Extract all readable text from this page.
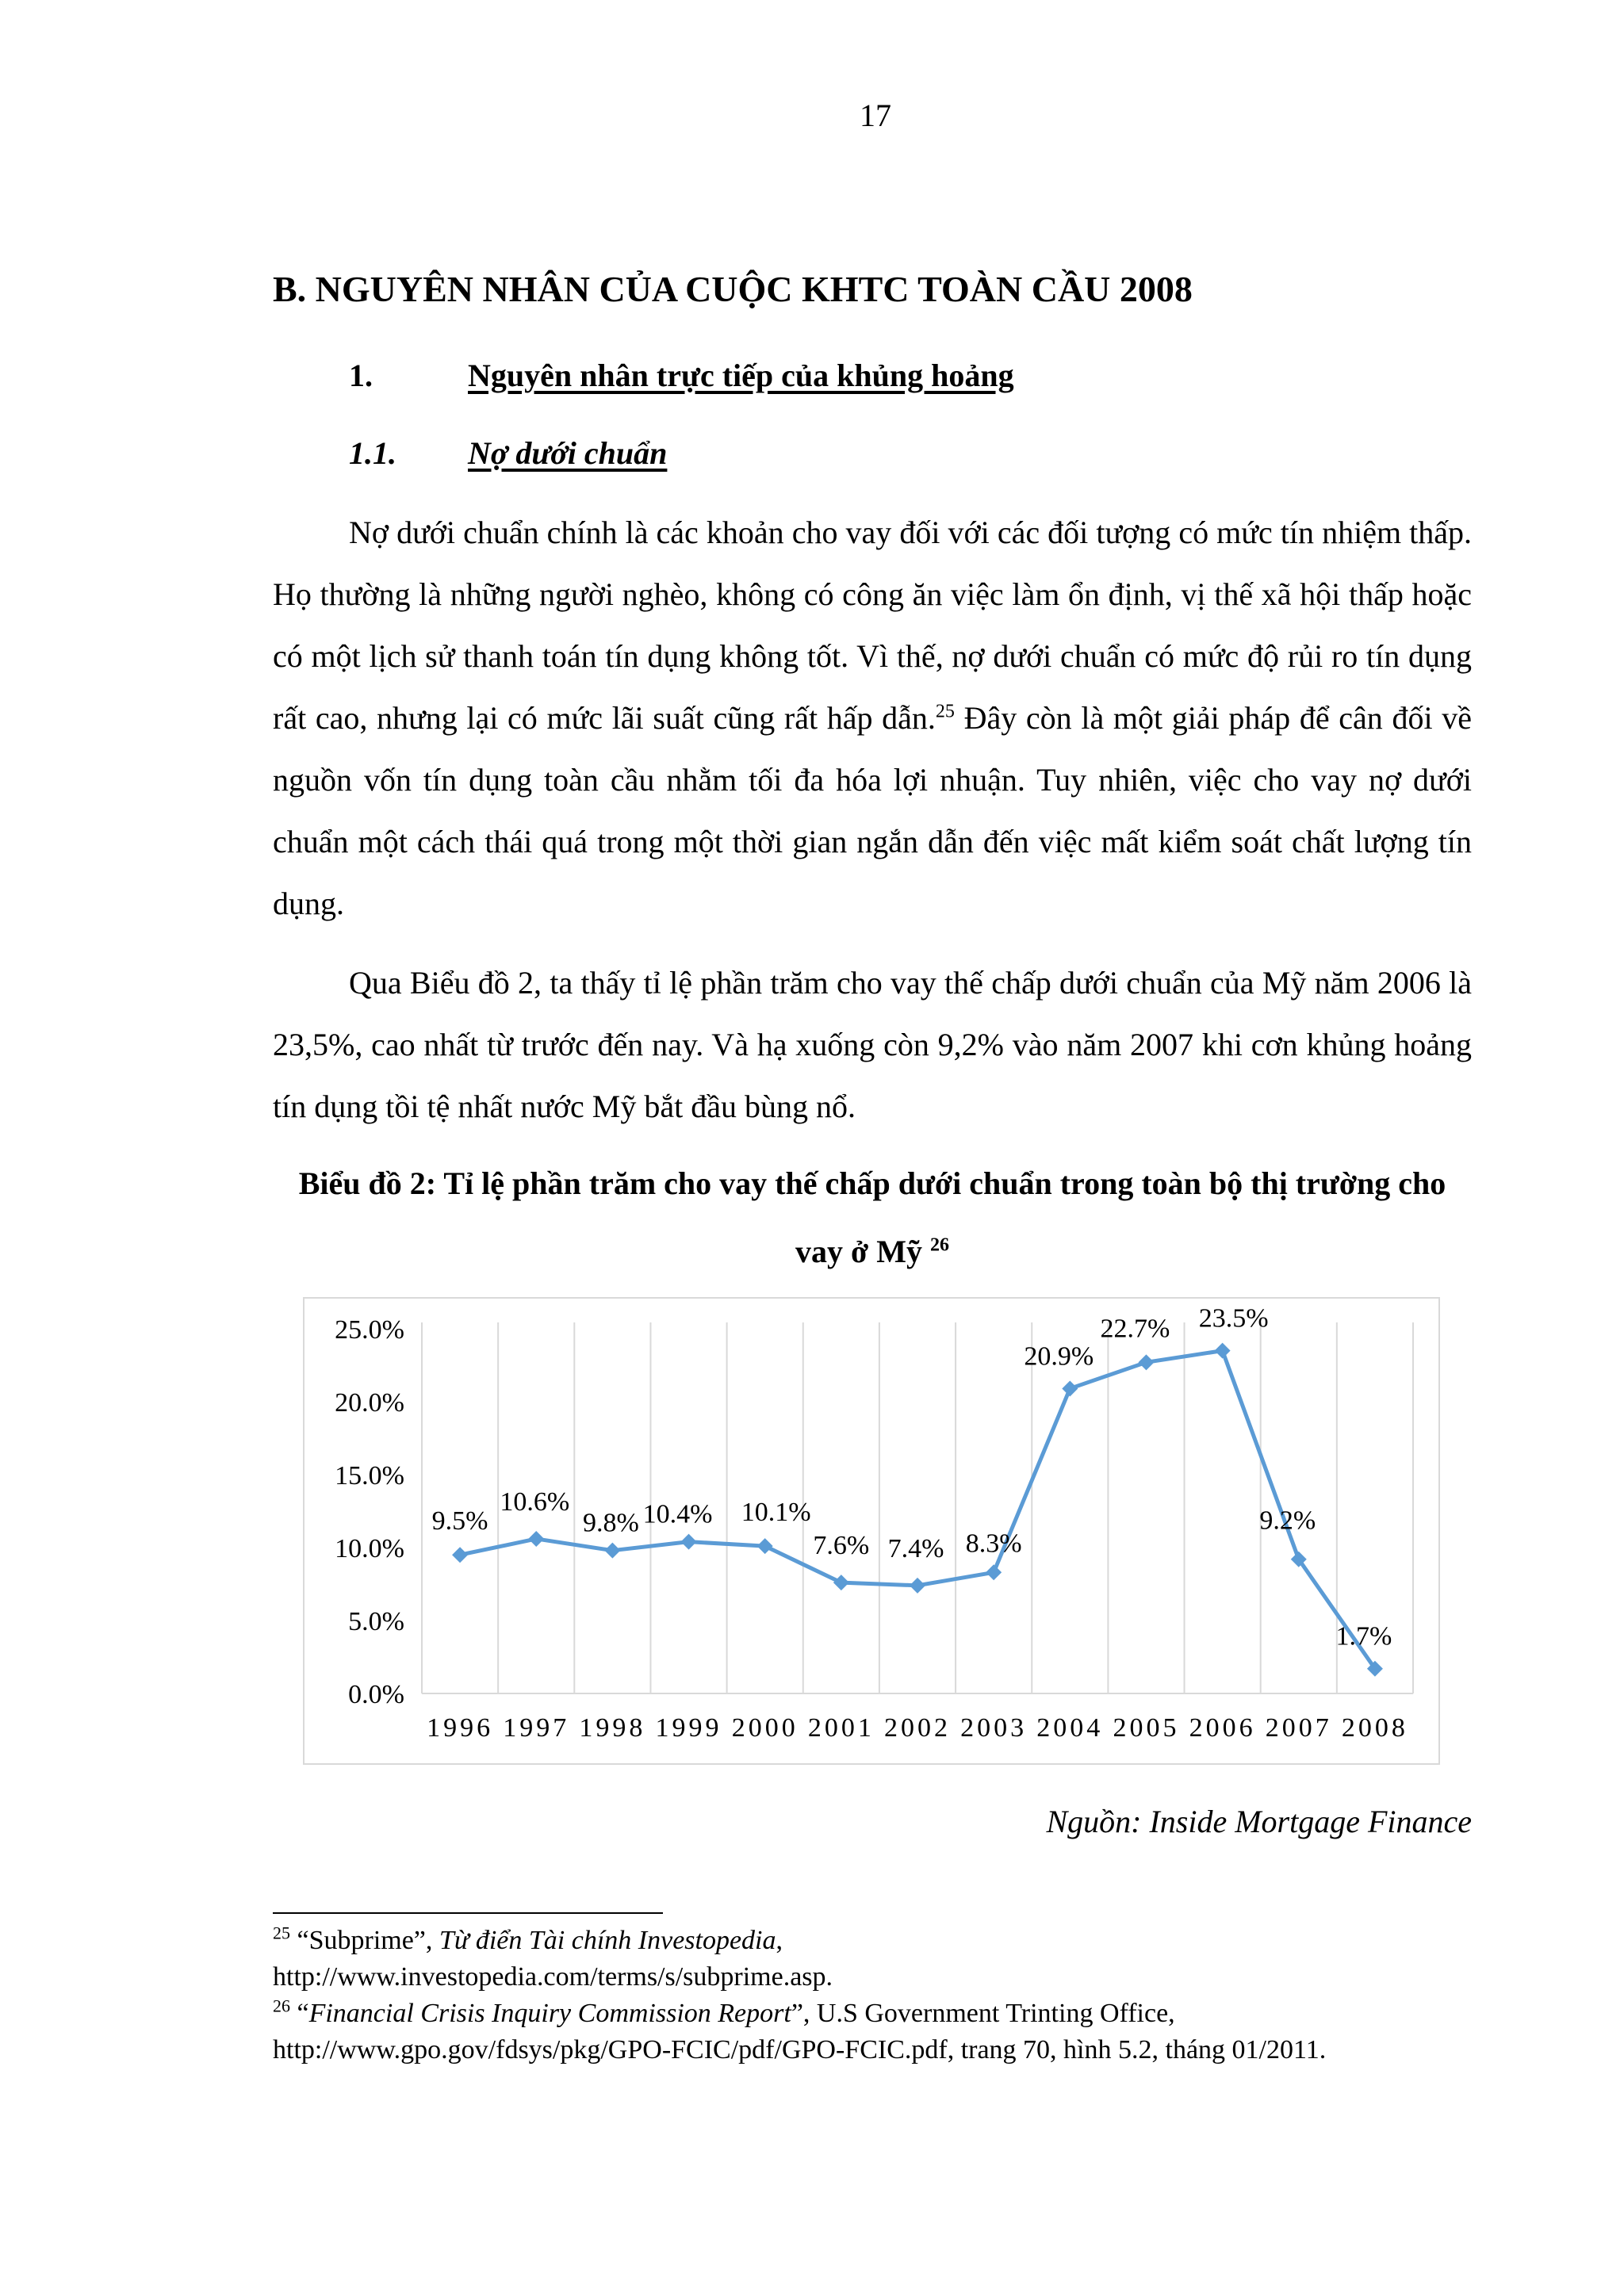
17
B. NGUYÊN NHÂN CỦA CUỘC KHTC TOÀN CẦU 2008
1.	Nguyên nhân trực tiếp của khủng hoảng
1.1. Nợ dưới chuẩn

Nợ dưới chuẩn chính là các khoản cho vay đối với các đối tượng có mức tín nhiệm thấp. Họ thường là những người nghèo, không có công ăn việc làm ổn định, vị thế xã hội thấp hoặc có một lịch sử thanh toán tín dụng không tốt. Vì thế, nợ dưới chuẩn có mức độ rủi ro tín dụng rất cao, nhưng lại có mức lãi suất cũng rất hấp dẫn.$^{25}$ Đây còn là một giải pháp để cân đối về nguồn vốn tín dụng toàn cầu nhằm tối đa hóa lợi nhuận. Tuy nhiên, việc cho vay nợ dưới chuẩn một cách thái quá trong một thời gian ngắn dẫn đến việc mất kiểm soát chất lượng tín dụng.

Qua Biểu đồ 2, ta thấy tỉ lệ phần trăm cho vay thế chấp dưới chuẩn của Mỹ năm 2006 là 23,5%, cao nhất từ trước đến nay. Và hạ xuống còn 9,2% vào năm 2007 khi cơn khủng hoảng tín dụng tồi tệ nhất nước Mỹ bắt đầu bùng nổ.

Biểu đồ 2: Tỉ lệ phần trăm cho vay thế chấp dưới chuẩn trong toàn bộ thị trường cho vay ở Mỹ $^{26}$

0.0%
5.0%
10.0%
15.0%
20.0%
25.0%
1996 1997 1998 1999 2000 2001 2002 2003 2004 2005 2006 2007 2008
9.5%
10.6%
9.8% 10.4% 10.1%
7.6% 7.4% 8.3%
20.9%
22.7% 23.5%
9.2%
1.7%
Nguồn: Inside Mortgage Finance
$^{25}$ “Subprime”, Từ điển Tài chính Investopedia,
http://www.investopedia.com/terms/s/subprime.asp.
$^{26}$ “Financial Crisis Inquiry Commission Report”, U.S Government Trinting Office,
http://www.gpo.gov/fdsys/pkg/GPO-FCIC/pdf/GPO-FCIC.pdf, trang 70, hình 5.2, tháng 01/2011.
